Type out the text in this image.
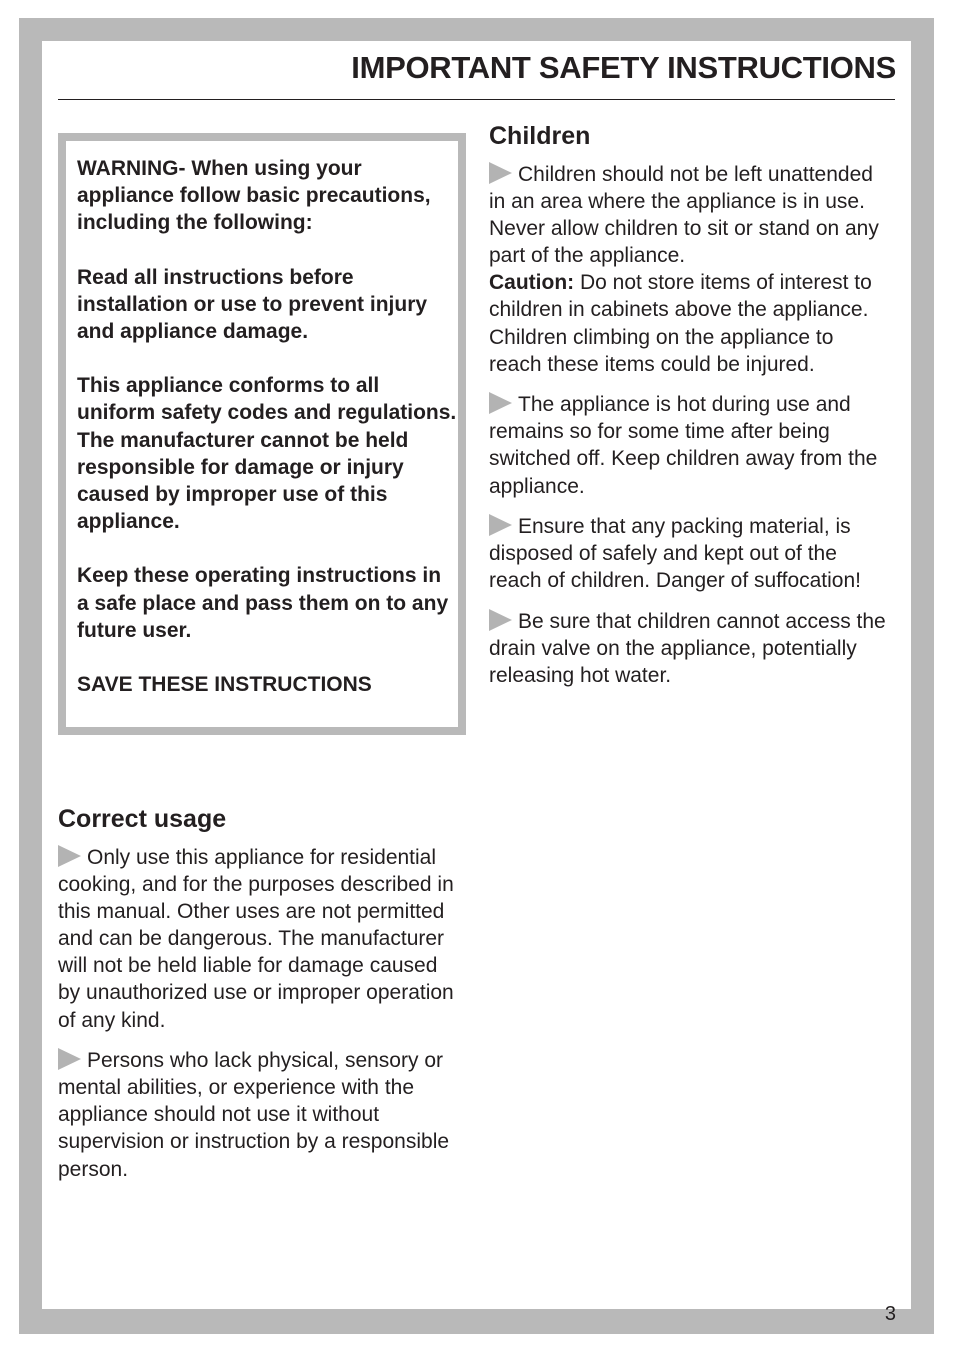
IMPORTANT SAFETY INSTRUCTIONS

WARNING- When using your appliance follow basic precautions, including the following:

Read all instructions before installation or use to prevent injury and appliance damage.

This appliance conforms to all uniform safety codes and regulations. The manufacturer cannot be held responsible for damage or injury caused by improper use of this appliance.

Keep these operating instructions in a safe place and pass them on to any future user.

SAVE THESE INSTRUCTIONS

Correct usage

Only use this appliance for residential cooking, and for the purposes described in this manual. Other uses are not permitted and can be dangerous. The manufacturer will not be held liable for damage caused by unauthorized use or improper operation of any kind.

Persons who lack physical, sensory or mental abilities, or experience with the appliance should not use it without supervision or instruction by a responsible person.

Children

Children should not be left unattended in an area where the appliance is in use. Never allow children to sit or stand on any part of the appliance.

Caution: Do not store items of interest to children in cabinets above the appliance. Children climbing on the appliance to reach these items could be injured.

The appliance is hot during use and remains so for some time after being switched off. Keep children away from the appliance.

Ensure that any packing material, is disposed of safely and kept out of the reach of children. Danger of suffocation!

Be sure that children cannot access the drain valve on the appliance, potentially releasing hot water.

3
